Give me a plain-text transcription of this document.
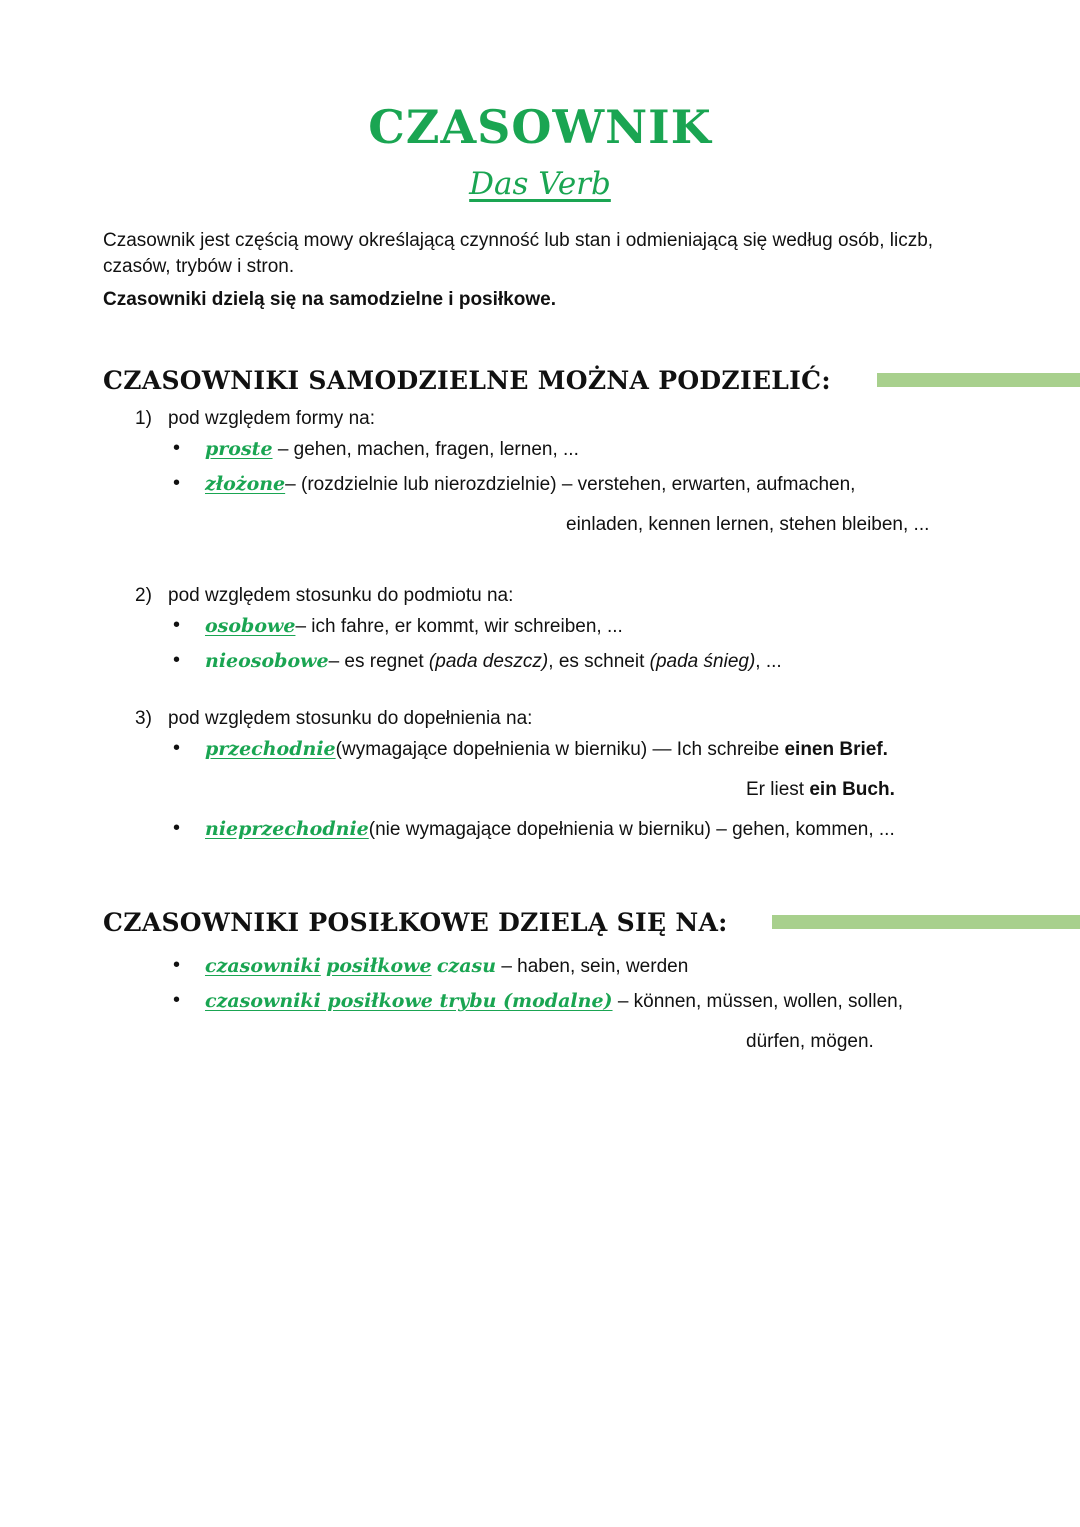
CZASOWNIK
Das Verb
Czasownik jest częścią mowy określającą czynność lub stan i odmieniającą się według osób, liczb, czasów, trybów i stron.
Czasowniki dzielą się na samodzielne i posiłkowe.
CZASOWNIKI SAMODZIELNE MOŻNA PODZIELIĆ:
1) pod względem formy na:
• proste – gehen, machen, fragen, lernen, ...
• złożone– (rozdzielnie lub nierozdzielnie) – verstehen, erwarten, aufmachen,
einladen, kennen lernen, stehen bleiben, ...
2) pod względem stosunku do podmiotu na:
• osobowe– ich fahre, er kommt, wir schreiben, ...
• nieosobowe– es regnet (pada deszcz), es schneit (pada śnieg), ...
3) pod względem stosunku do dopełnienia na:
• przechodnie(wymagające dopełnienia w bierniku) — Ich schreibe einen Brief.
Er liest ein Buch.
• nieprzechodnie(nie wymagające dopełnienia w bierniku) – gehen, kommen, ...
CZASOWNIKI POSIŁKOWE DZIELĄ SIĘ NA:
• czasowniki posiłkowe czasu – haben, sein, werden
• czasowniki posiłkowe trybu (modalne) – können, müssen, wollen, sollen,
dürfen, mögen.
